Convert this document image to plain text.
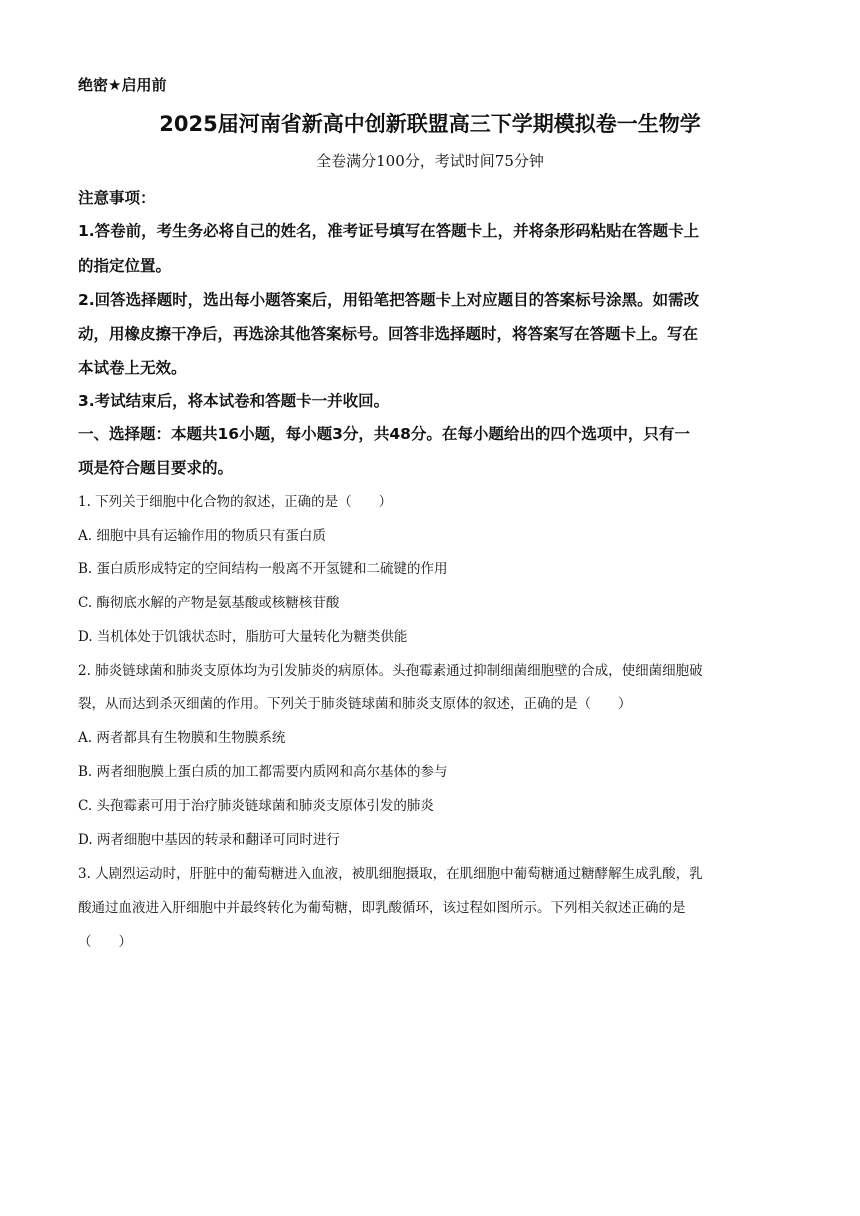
绝密★启用前
2025届河南省新高中创新联盟高三下学期模拟卷一生物学
全卷满分100分，考试时间75分钟
注意事项：
1.答卷前，考生务必将自己的姓名，准考证号填写在答题卡上，并将条形码粘贴在答题卡上
的指定位置。
2.回答选择题时，选出每小题答案后，用铅笔把答题卡上对应题目的答案标号涂黑。如需改
动，用橡皮擦干净后，再选涂其他答案标号。回答非选择题时，将答案写在答题卡上。写在
本试卷上无效。
3.考试结束后，将本试卷和答题卡一并收回。
一、选择题：本题共16小题，每小题3分，共48分。在每小题给出的四个选项中，只有一
项是符合题目要求的。
1. 下列关于细胞中化合物的叙述，正确的是（　　）
A. 细胞中具有运输作用的物质只有蛋白质
B. 蛋白质形成特定的空间结构一般离不开氢键和二硫键的作用
C. 酶彻底水解的产物是氨基酸或核糖核苷酸
D. 当机体处于饥饿状态时，脂肪可大量转化为糖类供能
2. 肺炎链球菌和肺炎支原体均为引发肺炎的病原体。头孢霉素通过抑制细菌细胞壁的合成，使细菌细胞破
裂，从而达到杀灭细菌的作用。下列关于肺炎链球菌和肺炎支原体的叙述，正确的是（　　）
A. 两者都具有生物膜和生物膜系统
B. 两者细胞膜上蛋白质的加工都需要内质网和高尔基体的参与
C. 头孢霉素可用于治疗肺炎链球菌和肺炎支原体引发的肺炎
D. 两者细胞中基因的转录和翻译可同时进行
3. 人剧烈运动时，肝脏中的葡萄糖进入血液，被肌细胞摄取，在肌细胞中葡萄糖通过糖酵解生成乳酸，乳
酸通过血液进入肝细胞中并最终转化为葡萄糖，即乳酸循环，该过程如图所示。下列相关叙述正确的是
（　　）
